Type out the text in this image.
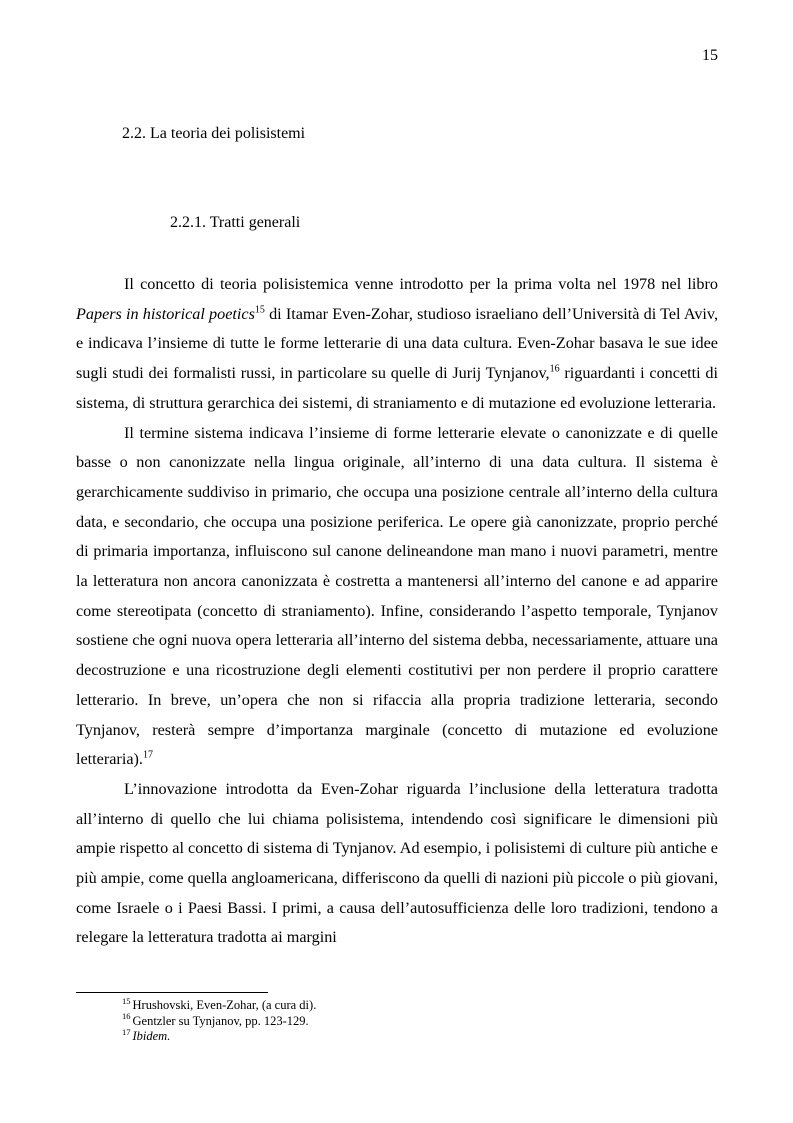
15
2.2. La teoria dei polisistemi
2.2.1. Tratti generali

Il concetto di teoria polisistemica venne introdotto per la prima volta nel 1978 nel libro Papers in historical poetics$^{15}$ di Itamar Even-Zohar, studioso israeliano dell’Università di Tel Aviv, e indicava l’insieme di tutte le forme letterarie di una data cultura. Even-Zohar basava le sue idee sugli studi dei formalisti russi, in particolare su quelle di Jurij Tynjanov,$^{16}$ riguardanti i concetti di sistema, di struttura gerarchica dei sistemi, di straniamento e di mutazione ed evoluzione letteraria.

Il termine sistema indicava l’insieme di forme letterarie elevate o canonizzate e di quelle basse o non canonizzate nella lingua originale, all’interno di una data cultura. Il sistema è gerarchicamente suddiviso in primario, che occupa una posizione centrale all’interno della cultura data, e secondario, che occupa una posizione periferica. Le opere già canonizzate, proprio perché di primaria importanza, influiscono sul canone delineandone man mano i nuovi parametri, mentre la letteratura non ancora canonizzata è costretta a mantenersi all’interno del canone e ad apparire come stereotipata (concetto di straniamento). Infine, considerando l’aspetto temporale, Tynjanov sostiene che ogni nuova opera letteraria all’interno del sistema debba, necessariamente, attuare una decostruzione e una ricostruzione degli elementi costitutivi per non perdere il proprio carattere letterario. In breve, un’opera che non si rifaccia alla propria tradizione letteraria, secondo Tynjanov, resterà sempre d’importanza marginale (concetto di mutazione ed evoluzione letteraria).$^{17}$

L’innovazione introdotta da Even-Zohar riguarda l’inclusione della letteratura tradotta all’interno di quello che lui chiama polisistema, intendendo così significare le dimensioni più ampie rispetto al concetto di sistema di Tynjanov. Ad esempio, i polisistemi di culture più antiche e più ampie, come quella angloamericana, differiscono da quelli di nazioni più piccole o più giovani, come Israele o i Paesi Bassi. I primi, a causa dell’autosufficienza delle loro tradizioni, tendono a relegare la letteratura tradotta ai margini

$^{15}$ Hrushovski, Even-Zohar, (a cura di).
$^{16}$ Gentzler su Tynjanov, pp. 123-129.
$^{17}$ Ibidem.
